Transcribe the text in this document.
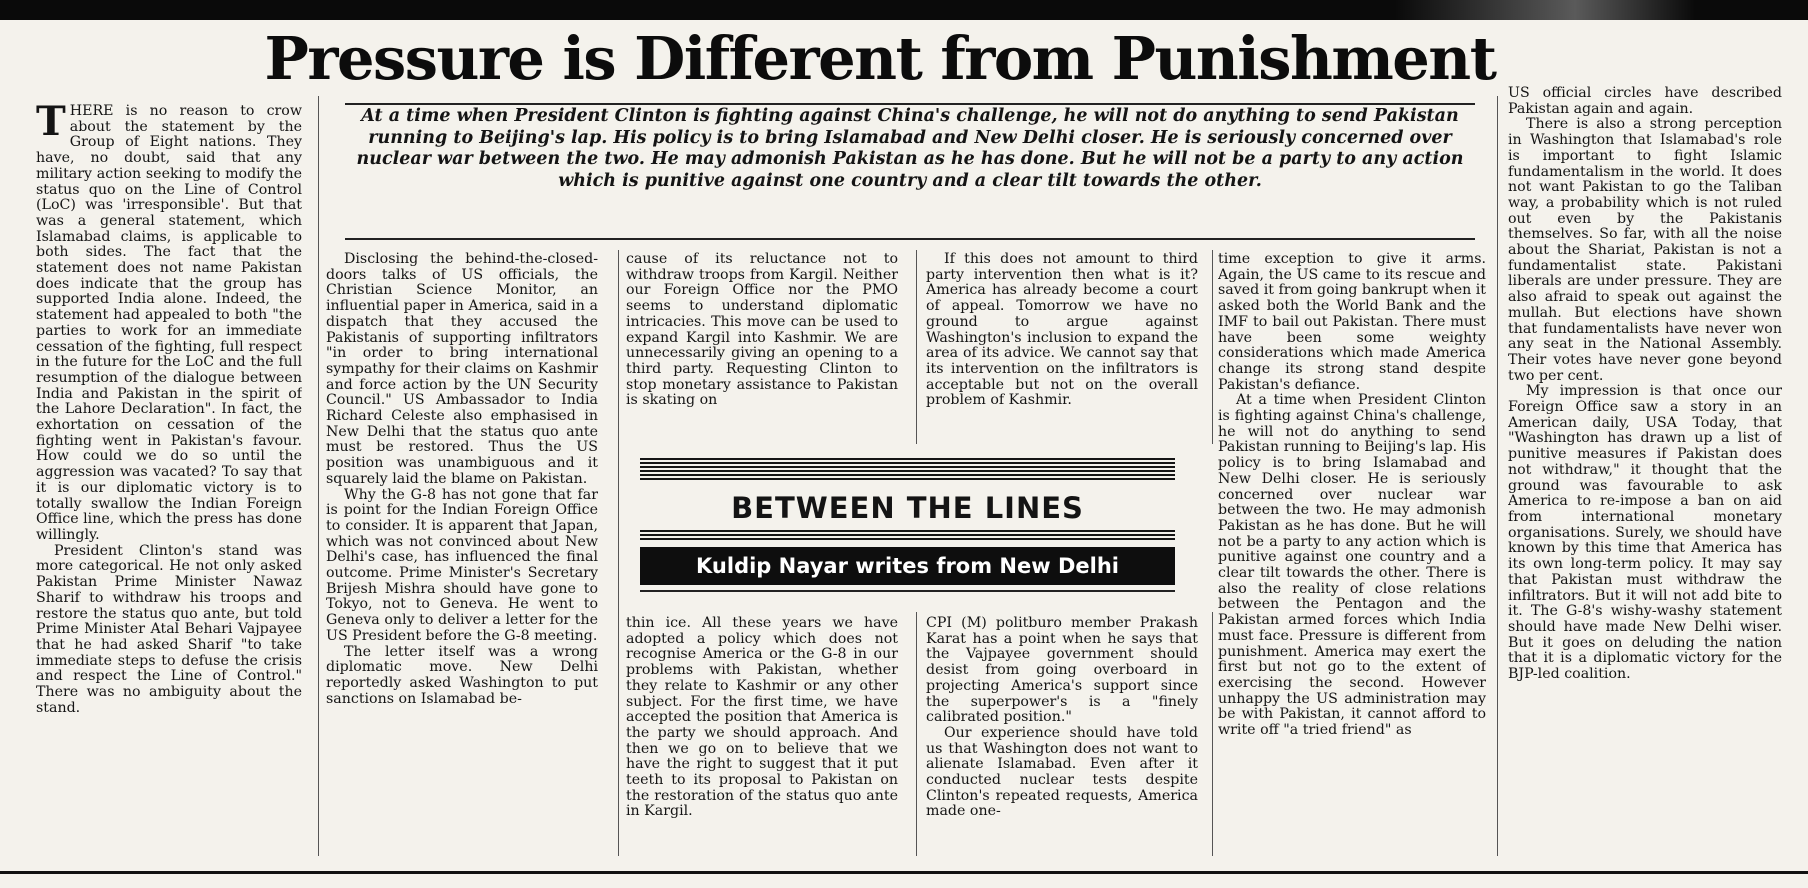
Pressure is Different from Punishment

THERE is no reason to crow about the statement by the Group of Eight nations. They have, no doubt, said that any military action seeking to modify the status quo on the Line of Control (LoC) was 'irresponsible'. But that was a general statement, which Islamabad claims, is applicable to both sides. The fact that the statement does not name Pakistan does indicate that the group has supported India alone. Indeed, the statement had appealed to both "the parties to work for an immediate cessation of the fighting, full respect in the future for the LoC and the full resumption of the dialogue between India and Pakistan in the spirit of the Lahore Declaration". In fact, the exhortation on cessation of the fighting went in Pakistan's favour. How could we do so until the aggression was vacated? To say that it is our diplomatic victory is to totally swallow the Indian Foreign Office line, which the press has done willingly.

President Clinton's stand was more categorical. He not only asked Pakistan Prime Minister Nawaz Sharif to withdraw his troops and restore the status quo ante, but told Prime Minister Atal Behari Vajpayee that he had asked Sharif "to take immediate steps to defuse the crisis and respect the Line of Control." There was no ambiguity about the stand.

At a time when President Clinton is fighting against China's challenge, he will not do anything to send Pakistan running to Beijing's lap. His policy is to bring Islamabad and New Delhi closer. He is seriously concerned over nuclear war between the two. He may admonish Pakistan as he has done. But he will not be a party to any action which is punitive against one country and a clear tilt towards the other.

Disclosing the behind-the-closed-doors talks of US officials, the Christian Science Monitor, an influential paper in America, said in a dispatch that they accused the Pakistanis of supporting infiltrators "in order to bring international sympathy for their claims on Kashmir and force action by the UN Security Council." US Ambassador to India Richard Celeste also emphasised in New Delhi that the status quo ante must be restored. Thus the US position was unambiguous and it squarely laid the blame on Pakistan.

Why the G-8 has not gone that far is point for the Indian Foreign Office to consider. It is apparent that Japan, which was not convinced about New Delhi's case, has influenced the final outcome. Prime Minister's Secretary Brijesh Mishra should have gone to Tokyo, not to Geneva. He went to Geneva only to deliver a letter for the US President before the G-8 meeting.

The letter itself was a wrong diplomatic move. New Delhi reportedly asked Washington to put sanctions on Islamabad be-

cause of its reluctance not to withdraw troops from Kargil. Neither our Foreign Office nor the PMO seems to understand diplomatic intricacies. This move can be used to expand Kargil into Kashmir. We are unnecessarily giving an opening to a third party. Requesting Clinton to stop monetary assistance to Pakistan is skating on

If this does not amount to third party intervention then what is it? America has already become a court of appeal. Tomorrow we have no ground to argue against Washington's inclusion to expand the area of its advice. We cannot say that its intervention on the infiltrators is acceptable but not on the overall problem of Kashmir.

BETWEEN THE LINES

Kuldip Nayar writes from New Delhi

thin ice. All these years we have adopted a policy which does not recognise America or the G-8 in our problems with Pakistan, whether they relate to Kashmir or any other subject. For the first time, we have accepted the position that America is the party we should approach. And then we go on to believe that we have the right to suggest that it put teeth to its proposal to Pakistan on the restoration of the status quo ante in Kargil.

CPI (M) politburo member Prakash Karat has a point when he says that the Vajpayee government should desist from going overboard in projecting America's support since the superpower's is a "finely calibrated position."

Our experience should have told us that Washington does not want to alienate Islamabad. Even after it conducted nuclear tests despite Clinton's repeated requests, America made one-

time exception to give it arms. Again, the US came to its rescue and saved it from going bankrupt when it asked both the World Bank and the IMF to bail out Pakistan. There must have been some weighty considerations which made America change its strong stand despite Pakistan's defiance.

At a time when President Clinton is fighting against China's challenge, he will not do anything to send Pakistan running to Beijing's lap. His policy is to bring Islamabad and New Delhi closer. He is seriously concerned over nuclear war between the two. He may admonish Pakistan as he has done. But he will not be a party to any action which is punitive against one country and a clear tilt towards the other. There is also the reality of close relations between the Pentagon and the Pakistan armed forces which India must face. Pressure is different from punishment. America may exert the first but not go to the extent of exercising the second. However unhappy the US administration may be with Pakistan, it cannot afford to write off "a tried friend" as

US official circles have described Pakistan again and again.

There is also a strong perception in Washington that Islamabad's role is important to fight Islamic fundamentalism in the world. It does not want Pakistan to go the Taliban way, a probability which is not ruled out even by the Pakistanis themselves. So far, with all the noise about the Shariat, Pakistan is not a fundamentalist state. Pakistani liberals are under pressure. They are also afraid to speak out against the mullah. But elections have shown that fundamentalists have never won any seat in the National Assembly. Their votes have never gone beyond two per cent.

My impression is that once our Foreign Office saw a story in an American daily, USA Today, that "Washington has drawn up a list of punitive measures if Pakistan does not withdraw," it thought that the ground was favourable to ask America to re-impose a ban on aid from international monetary organisations. Surely, we should have known by this time that America has its own long-term policy. It may say that Pakistan must withdraw the infiltrators. But it will not add bite to it. The G-8's wishy-washy statement should have made New Delhi wiser. But it goes on deluding the nation that it is a diplomatic victory for the BJP-led coalition.
